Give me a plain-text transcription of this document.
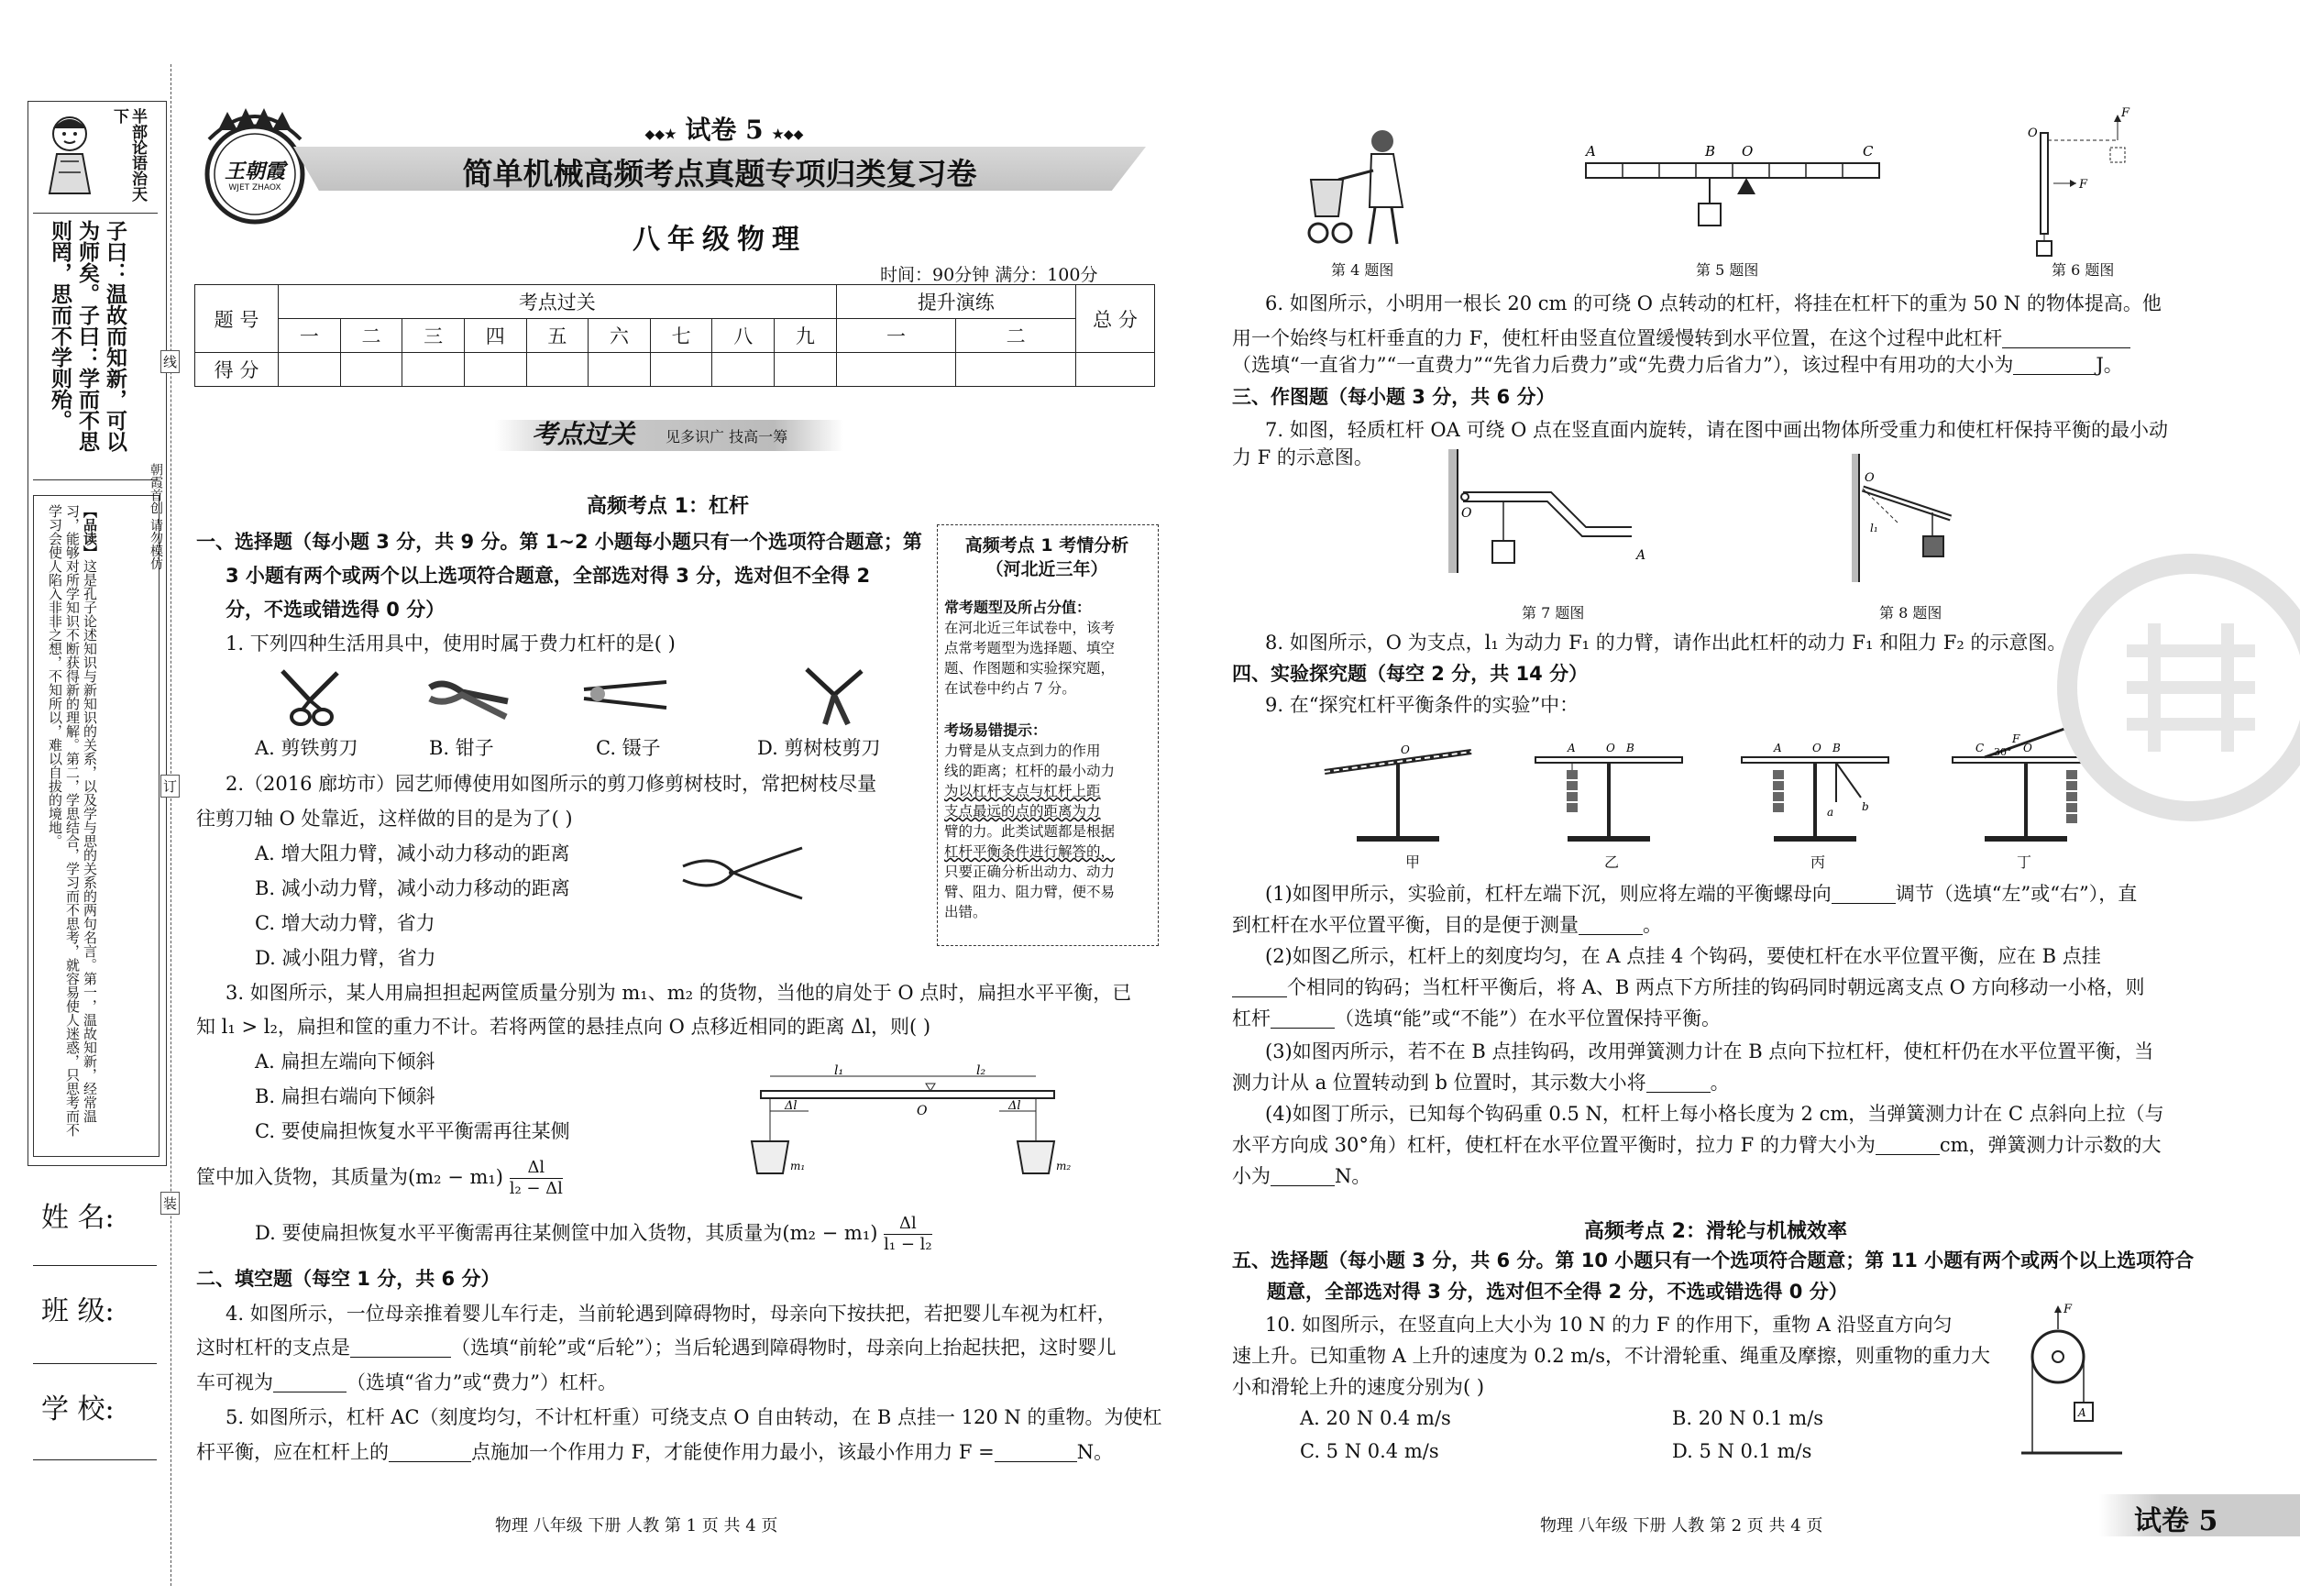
半部论语治天下
子曰：温故而知新，可以为师矣。子曰：学而不思则罔，思而不学则殆。
【品读】这是孔子论述知识与新知识的关系，以及学与思的关系的两句名言。第一，温故知新，经常温习，能够对所学知识不断获得新的理解。第二，学思结合，学习而不思考，就容易使人迷惑，只思考而不学习会使人陷入非非之想，不知所以，难以自拔的境地。	朝霞首创 请勿模仿
姓 名:
班 级:
学 校:
线
订
装
王朝霞
WJET ZHAOX
◆◆★ 试卷 5 ★◆◆
简单机械高频考点真题专项归类复习卷
八年级物理
时间：90分钟 满分：100分
题 号	考点过关									提升演练		总 分
	一	二	三	四	五	六	七	八	九	一	二	
得 分												
考点过关 见多识广 技高一筹
高频考点 1：杠杆
一、选择题（每小题 3 分，共 9 分。第 1~2 小题每小题只有一个选项符合题意；第
3 小题有两个或两个以上选项符合题意，全部选对得 3 分，选对但不全得 2
分，不选或错选得 0 分）
1. 下列四种生活用具中，使用时属于费力杠杆的是( )
A. 剪铁剪刀	B. 钳子	C. 镊子	D. 剪树枝剪刀
2.（2016 廊坊市）园艺师傅使用如图所示的剪刀修剪树枝时，常把树枝尽量
往剪刀轴 O 处靠近，这样做的目的是为了( )
A. 增大阻力臂，减小动力移动的距离
B. 减小动力臂，减小动力移动的距离
C. 增大动力臂，省力
D. 减小阻力臂，省力
高频考点 1 考情分析
（河北近三年）
常考题型及所占分值：
在河北近三年试卷中，该考
点常考题型为选择题、填空
题、作图题和实验探究题，
在试卷中约占 7 分。
考场易错提示：
力臂是从支点到力的作用
线的距离；杠杆的最小动力
为以杠杆支点与杠杆上距
支点最远的点的距离为力
臂的力。此类试题都是根据
杠杆平衡条件进行解答的，
只要正确分析出动力、动力
臂、阻力、阻力臂，便不易
出错。
3. 如图所示，某人用扁担担起两筐质量分别为 m₁、m₂ 的货物，当他的肩处于 O 点时，扁担水平平衡，已
知 l₁ > l₂，扁担和筐的重力不计。若将两筐的悬挂点向 O 点移近相同的距离 Δl，则( )
A. 扁担左端向下倾斜
B. 扁担右端向下倾斜
C. 要使扁担恢复水平平衡需再往某侧
筐中加入货物，其质量为$(m_2 - m_1) \frac{\Delta l}{\text{l₂ − Δl}}$
l₁	l₂
Δl	Δl
O
m₁	m₂
D. 要使扁担恢复水平平衡需再往某侧筐中加入货物，其质量为$(m_2 - m_1) \frac{\Delta l}{\text{l₁ − l₂}}$
二、填空题（每空 1 分，共 6 分）
4. 如图所示，一位母亲推着婴儿车行走，当前轮遇到障碍物时，母亲向下按扶把，若把婴儿车视为杠杆，
这时杠杆的支点是	（选填“前轮”或“后轮”）；当后轮遇到障碍物时，母亲向上抬起扶把，这时婴儿
车可视为	（选填“省力”或“费力”）杠杆。
5. 如图所示，杠杆 AC（刻度均匀，不计杠杆重）可绕支点 O 自由转动，在 B 点挂一 120 N 的重物。为使杠
杆平衡，应在杠杆上的	点施加一个作用力 F，才能使作用力最小，该最小作用力 F =	N。
物理 八年级 下册 人教 第 1 页 共 4 页
第 4 题图
A	B O	C
第 5 题图
O
F
F
第 6 题图
6. 如图所示，小明用一根长 20 cm 的可绕 O 点转动的杠杆，将挂在杠杆下的重为 50 N 的物体提高。他
用一个始终与杠杆垂直的力 F，使杠杆由竖直位置缓慢转到水平位置，在这个过程中此杠杆
（选填“一直省力”“一直费力”“先省力后费力”或“先费力后省力”），该过程中有用功的大小为	J。
三、作图题（每小题 3 分，共 6 分）
7. 如图，轻质杠杆 OA 可绕 O 点在竖直面内旋转，请在图中画出物体所受重力和使杠杆保持平衡的最小动
力 F 的示意图。
O
A
第 7 题图
O
l₁
第 8 题图
8. 如图所示，O 为支点，l₁ 为动力 F₁ 的力臂，请作出此杠杆的动力 F₁ 和阻力 F₂ 的示意图。
四、实验探究题（每空 2 分，共 14 分）
9. 在“探究杠杆平衡条件的实验”中：
O
甲
A	O B
乙
A	O B
a	b
丙
C	O
F
30°
丁
(1)如图甲所示，实验前，杠杆左端下沉，则应将左端的平衡螺母向	调节（选填“左”或“右”），直
到杠杆在水平位置平衡，目的是便于测量	。
(2)如图乙所示，杠杆上的刻度均匀，在 A 点挂 4 个钩码，要使杠杆在水平位置平衡，应在 B 点挂
个相同的钩码；当杠杆平衡后，将 A、B 两点下方所挂的钩码同时朝远离支点 O 方向移动一小格，则
杠杆	（选填“能”或“不能”）在水平位置保持平衡。
(3)如图丙所示，若不在 B 点挂钩码，改用弹簧测力计在 B 点向下拉杠杆，使杠杆仍在水平位置平衡，当
测力计从 a 位置转动到 b 位置时，其示数大小将	。
(4)如图丁所示，已知每个钩码重 0.5 N，杠杆上每小格长度为 2 cm，当弹簧测力计在 C 点斜向上拉（与
水平方向成 30°角）杠杆，使杠杆在水平位置平衡时，拉力 F 的力臂大小为	cm，弹簧测力计示数的大
小为	N。
高频考点 2：滑轮与机械效率
五、选择题（每小题 3 分，共 6 分。第 10 小题只有一个选项符合题意；第 11 小题有两个或两个以上选项符合
题意，全部选对得 3 分，选对但不全得 2 分，不选或错选得 0 分）
10. 如图所示，在竖直向上大小为 10 N 的力 F 的作用下，重物 A 沿竖直方向匀
速上升。已知重物 A 上升的速度为 0.2 m/s，不计滑轮重、绳重及摩擦，则重物的重力大
小和滑轮上升的速度分别为( )
A. 20 N 0.4 m/s	B. 20 N 0.1 m/s
C. 5 N 0.4 m/s	D. 5 N 0.1 m/s
F
A
物理 八年级 下册 人教 第 2 页 共 4 页	试卷 5
